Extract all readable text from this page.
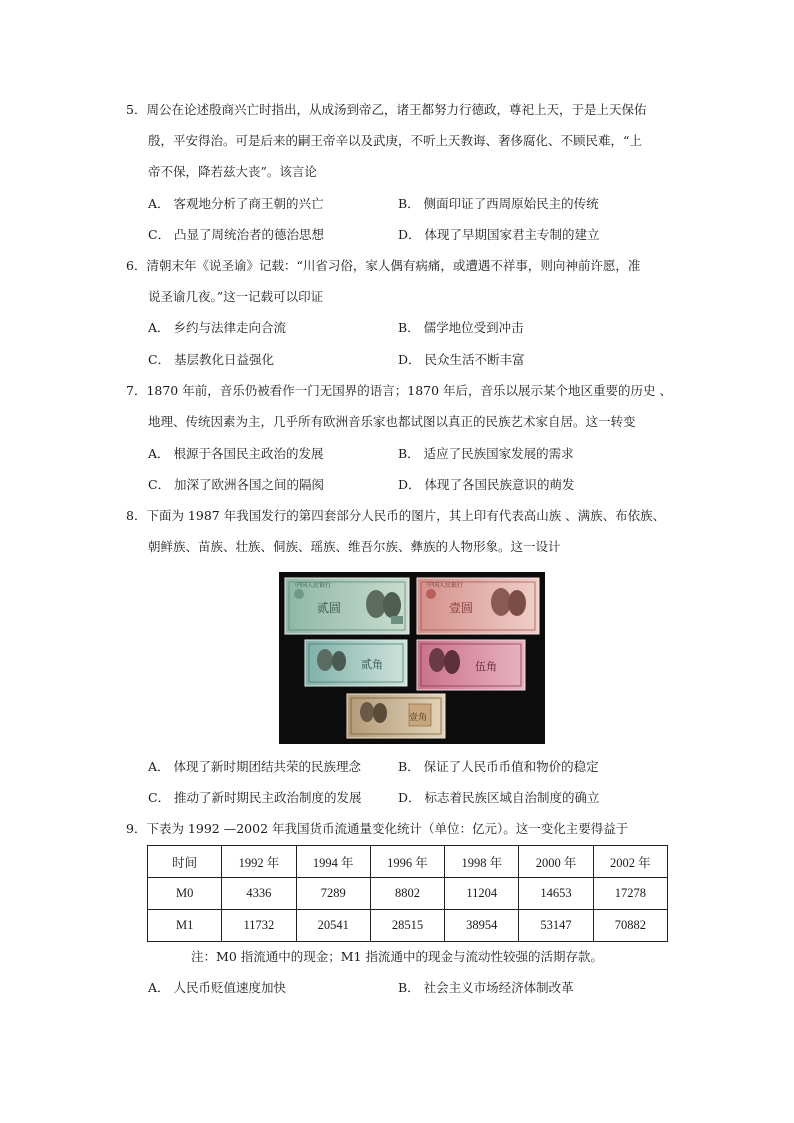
5．周公在论述殷商兴亡时指出，从成汤到帝乙，诸王都努力行德政，尊祀上天，于是上天保佑
殷，平安得治。可是后来的嗣王帝辛以及武庚，不听上天教诲、奢侈腐化、不顾民难，“上
帝不保，降若兹大丧”。该言论
A． 客观地分析了商王朝的兴亡	B． 侧面印证了西周原始民主的传统
C． 凸显了周统治者的德治思想	D． 体现了早期国家君主专制的建立
6．清朝末年《说圣谕》记载：“川省习俗，家人偶有病痛，或遭遇不祥事，则向神前许愿，准
说圣谕几夜。”这一记载可以印证
A． 乡约与法律走向合流	B． 儒学地位受到冲击
C． 基层教化日益强化	D． 民众生活不断丰富
7．1870 年前，音乐仍被看作一门无国界的语言；1870 年后，音乐以展示某个地区重要的历史 、
地理、传统因素为主，几乎所有欧洲音乐家也都试图以真正的民族艺术家自居。这一转变
A． 根源于各国民主政治的发展	B． 适应了民族国家发展的需求
C． 加深了欧洲各国之间的隔阂	D． 体现了各国民族意识的萌发
8．下面为 1987 年我国发行的第四套部分人民币的图片，其上印有代表高山族 、满族、布依族、
朝鲜族、苗族、壮族、侗族、瑶族、维吾尔族、彝族的人物形象。这一设计
中国人民银行
贰圆
中国人民银行
壹圆
贰角	伍角
壹角
A． 体现了新时期团结共荣的民族理念	B． 保证了人民币币值和物价的稳定
C． 推动了新时期民主政治制度的发展	D． 标志着民族区域自治制度的确立
9．下表为 1992 —2002 年我国货币流通量变化统计（单位：亿元）。这一变化主要得益于
时间	1992 年	1994 年	1996 年	1998 年	2000 年	2002 年
M0	4336	7289	8802	11204	14653	17278
M1	11732	20541	28515	38954	53147	70882
注：M0 指流通中的现金；M1 指流通中的现金与流动性较强的活期存款。
A． 人民币贬值速度加快	B． 社会主义市场经济体制改革
